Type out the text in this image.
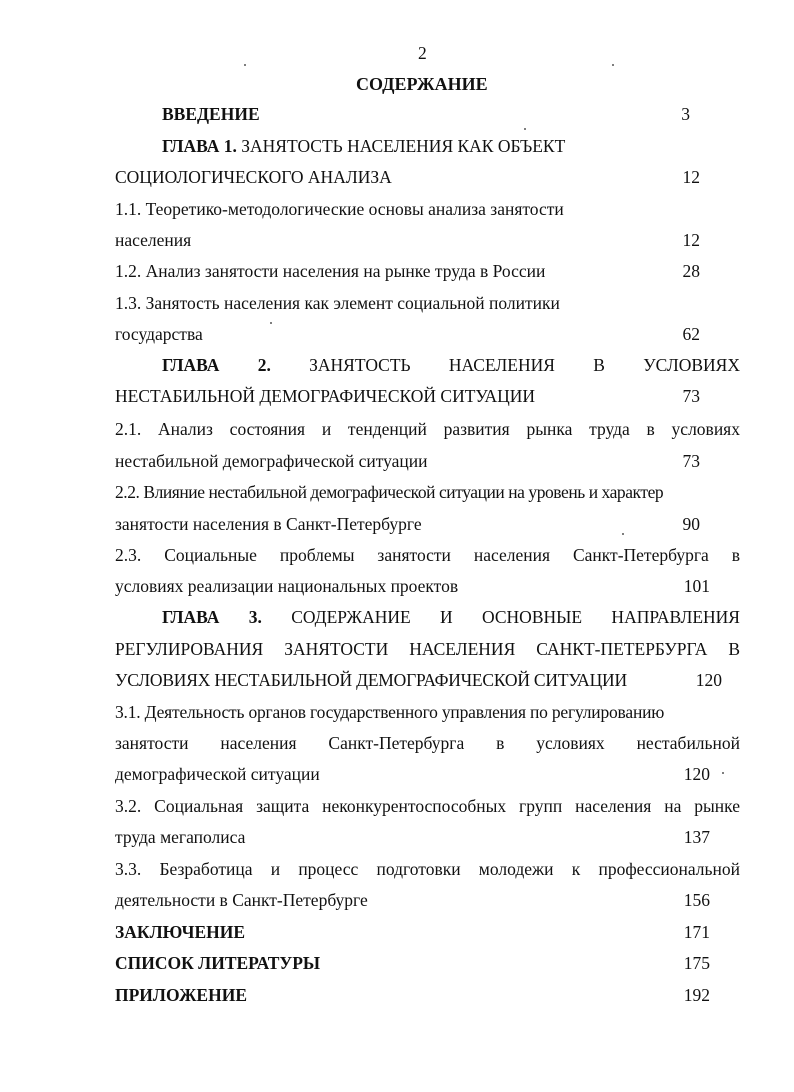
2
СОДЕРЖАНИЕ
ВВЕДЕНИЕ	3
ГЛАВА 1. ЗАНЯТОСТЬ НАСЕЛЕНИЯ КАК ОБЪЕКТ
СОЦИОЛОГИЧЕСКОГО АНАЛИЗА	12
1.1. Теоретико-методологические основы анализа занятости
населения	12
1.2. Анализ занятости населения на рынке труда в России	28
1.3. Занятость населения как элемент социальной политики
государства	62
ГЛАВА 2. ЗАНЯТОСТЬ НАСЕЛЕНИЯ В УСЛОВИЯХ
НЕСТАБИЛЬНОЙ ДЕМОГРАФИЧЕСКОЙ СИТУАЦИИ	73
2.1. Анализ состояния и тенденций развития рынка труда в условиях
нестабильной демографической ситуации	73
2.2. Влияние нестабильной демографической ситуации на уровень и характер
занятости населения в Санкт-Петербурге	90
2.3. Социальные проблемы занятости населения Санкт-Петербурга в
условиях реализации национальных проектов	101
ГЛАВА 3. СОДЕРЖАНИЕ И ОСНОВНЫЕ НАПРАВЛЕНИЯ
РЕГУЛИРОВАНИЯ ЗАНЯТОСТИ НАСЕЛЕНИЯ САНКТ-ПЕТЕРБУРГА В
УСЛОВИЯХ НЕСТАБИЛЬНОЙ ДЕМОГРАФИЧЕСКОЙ СИТУАЦИИ	120
3.1. Деятельность органов государственного управления по регулированию
занятости населения Санкт-Петербурга в условиях нестабильной
демографической ситуации	120
3.2. Социальная защита неконкурентоспособных групп населения на рынке
труда мегаполиса	137
3.3. Безработица и процесс подготовки молодежи к профессиональной
деятельности в Санкт-Петербурге	156
ЗАКЛЮЧЕНИЕ	171
СПИСОК ЛИТЕРАТУРЫ	175
ПРИЛОЖЕНИЕ	192
